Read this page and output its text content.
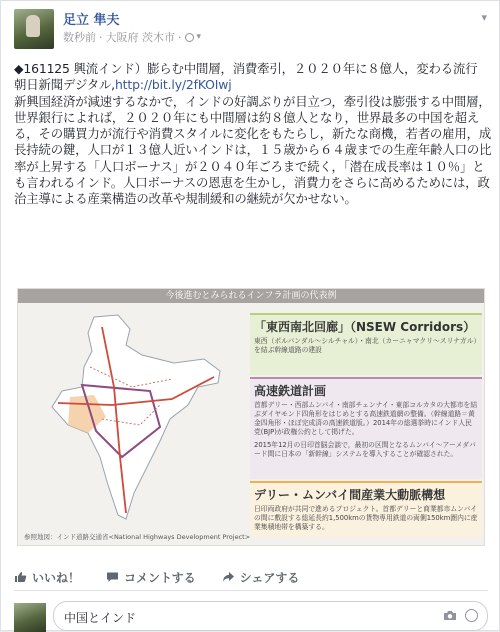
足立 隼夫
数秒前 · 大阪府 茨木市 · ▾
▾

◆161125 興流インド）膨らむ中間層，消費牽引，２０２０年に８億人，変わる流行

朝日新聞デジタル,http://bit.ly/2fKOIwj

新興国経済が減速するなかで，インドの好調ぶりが目立つ，牽引役は膨張する中間層，世界銀行によれば，２０２０年にも中間層は約８億人となり，世界最多の中国を超える，その購買力が流行や消費スタイルに変化をもたらし，新たな商機，若者の雇用，成長持続の鍵，人口が１３億人近いインドは，１５歳から６４歳までの生産年齢人口の比率が上昇する「人口ボーナス」が２０４０年ごろまで続く，「潜在成長率は１０％」とも言われるインド。人口ボーナスの恩恵を生かし，消費力をさらに高めるためには，政治主導による産業構造の改革や規制緩和の継続が欠かせない。

今後進むとみられるインフラ計画の代表例
「東西南北回廊」（NSEW Corridors）
東西（ポルバンダル～シルチャル）・南北（カーニャマクリ～スリナガル）を結ぶ幹線道路の建設
高速鉄道計画
首都デリー・西部ムンバイ・南部チェンナイ・東部コルカタの大都市を結ぶダイヤモンド四角形をはじめとする高速鉄道網の整備。（幹線道路＝黄金四角形・ほぼ完成済の高速鉄道版。）2014年の総選挙時にインド人民党(BJP)が政権公約として掲げた。
2015年12月の日印首脳会談で，最初の区間となるムンバイ～アーメダバード間に日本の「新幹線」システムを導入することが確認された。
デリー・ムンバイ間産業大動脈構想
日印両政府が共同で進めるプロジェクト。首都デリーと商業都市ムンバイの間に敷設する総延長約1,500kmの貨物専用鉄道の両側150km圏内に産業集積地帯を構築する。
参照地図：インド道路交通省<National Highways Development Project>
いいね！	コメントする	シェアする
中国とインド
